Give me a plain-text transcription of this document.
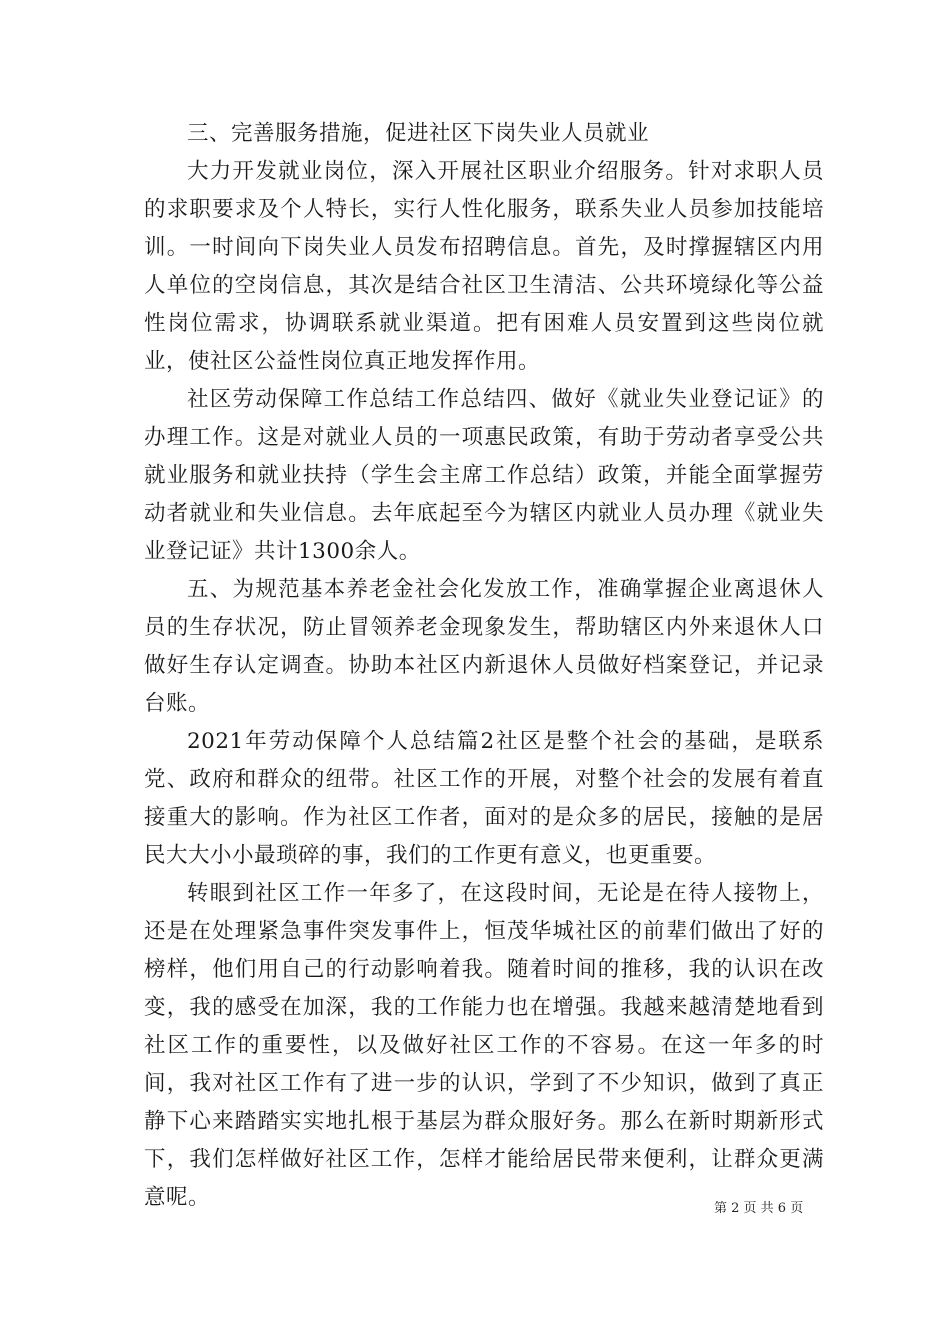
三、完善服务措施，促进社区下岗失业人员就业

大力开发就业岗位，深入开展社区职业介绍服务。针对求职人员的求职要求及个人特长，实行人性化服务，联系失业人员参加技能培训。一时间向下岗失业人员发布招聘信息。首先，及时撑握辖区内用人单位的空岗信息，其次是结合社区卫生清洁、公共环境绿化等公益性岗位需求，协调联系就业渠道。把有困难人员安置到这些岗位就业，使社区公益性岗位真正地发挥作用。

社区劳动保障工作总结工作总结四、做好《就业失业登记证》的办理工作。这是对就业人员的一项惠民政策，有助于劳动者享受公共就业服务和就业扶持（学生会主席工作总结）政策，并能全面掌握劳动者就业和失业信息。去年底起至今为辖区内就业人员办理《就业失业登记证》共计1300余人。

五、为规范基本养老金社会化发放工作，准确掌握企业离退休人员的生存状况，防止冒领养老金现象发生，帮助辖区内外来退休人口做好生存认定调查。协助本社区内新退休人员做好档案登记，并记录台账。

2021年劳动保障个人总结篇2社区是整个社会的基础，是联系党、政府和群众的纽带。社区工作的开展，对整个社会的发展有着直接重大的影响。作为社区工作者，面对的是众多的居民，接触的是居民大大小小最琐碎的事，我们的工作更有意义，也更重要。

转眼到社区工作一年多了，在这段时间，无论是在待人接物上，还是在处理紧急事件突发事件上，恒茂华城社区的前辈们做出了好的榜样，他们用自己的行动影响着我。随着时间的推移，我的认识在改变，我的感受在加深，我的工作能力也在增强。我越来越清楚地看到社区工作的重要性，以及做好社区工作的不容易。在这一年多的时间，我对社区工作有了进一步的认识，学到了不少知识，做到了真正静下心来踏踏实实地扎根于基层为群众服好务。那么在新时期新形式下，我们怎样做好社区工作，怎样才能给居民带来便利，让群众更满意呢。	第 2 页 共 6 页
